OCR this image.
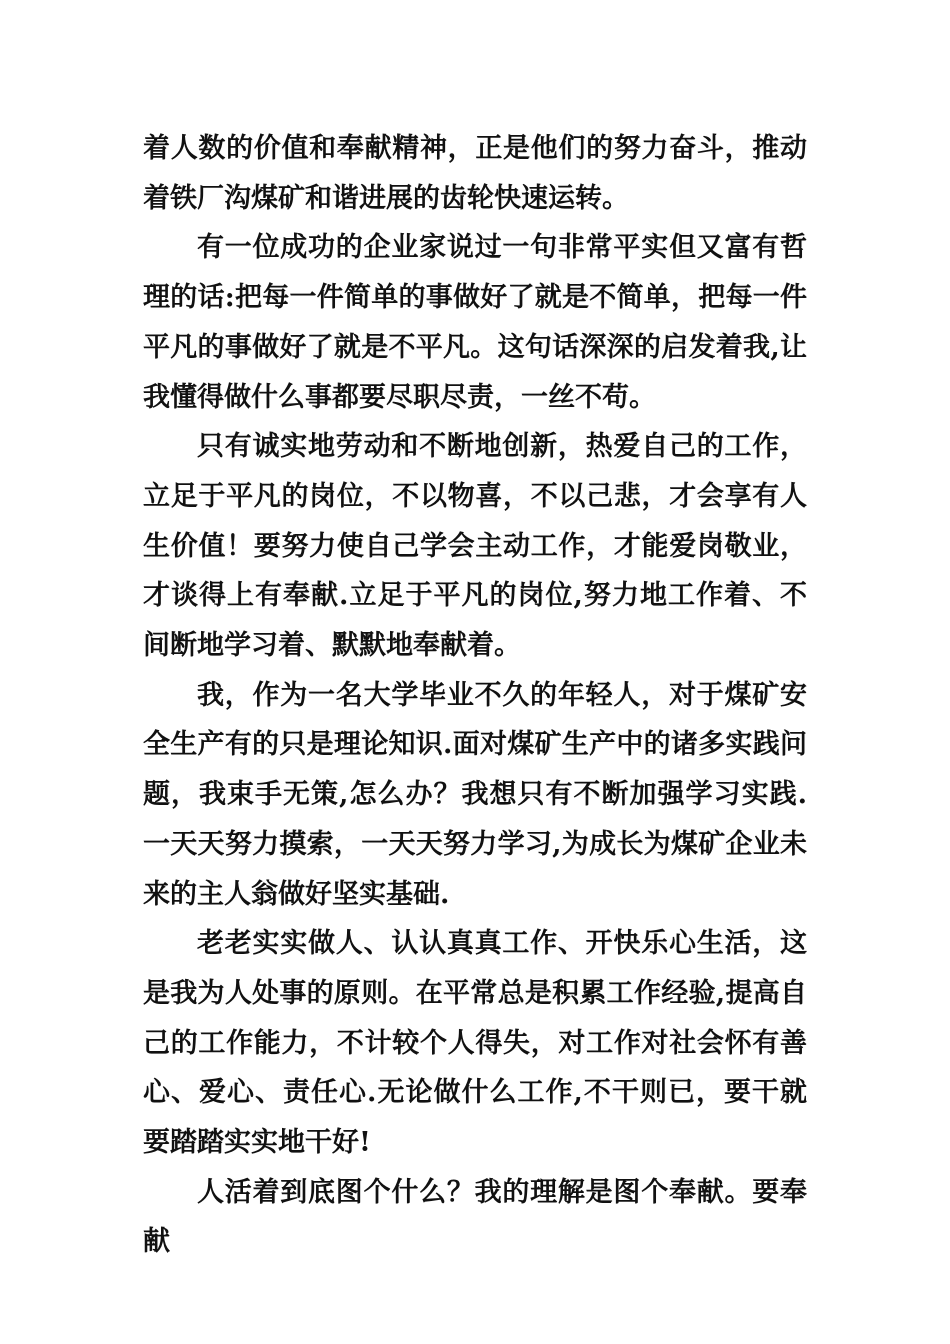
着人数的价值和奉献精神，正是他们的努力奋斗，推动着铁厂沟煤矿和谐进展的齿轮快速运转。

有一位成功的企业家说过一句非常平实但又富有哲理的话:把每一件简单的事做好了就是不简单，把每一件平凡的事做好了就是不平凡。这句话深深的启发着我,让我懂得做什么事都要尽职尽责，一丝不苟。

只有诚实地劳动和不断地创新，热爱自己的工作，立足于平凡的岗位，不以物喜，不以己悲，才会享有人生价值！要努力使自己学会主动工作，才能爱岗敬业，才谈得上有奉献.立足于平凡的岗位,努力地工作着、不间断地学习着、默默地奉献着。

我，作为一名大学毕业不久的年轻人，对于煤矿安全生产有的只是理论知识.面对煤矿生产中的诸多实践问题，我束手无策,怎么办？我想只有不断加强学习实践.一天天努力摸索，一天天努力学习,为成长为煤矿企业未来的主人翁做好坚实基础.

老老实实做人、认认真真工作、开快乐心生活，这是我为人处事的原则。在平常总是积累工作经验,提高自己的工作能力，不计较个人得失，对工作对社会怀有善心、爱心、责任心.无论做什么工作,不干则已，要干就要踏踏实实地干好!

人活着到底图个什么？我的理解是图个奉献。要奉献
